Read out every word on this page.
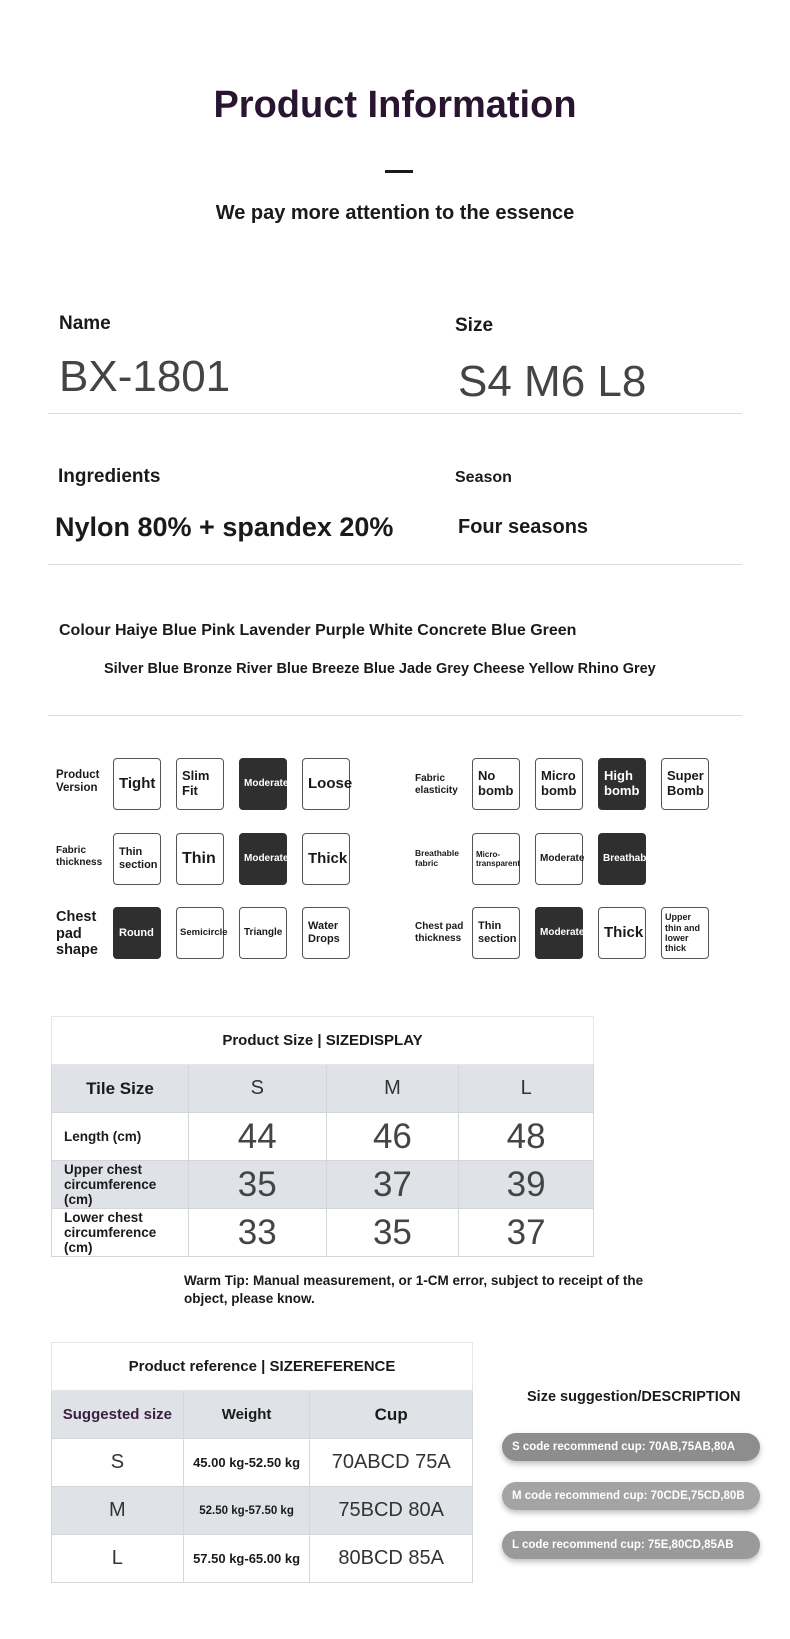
Product Information
We pay more attention to the essence
Name
BX-1801
Size
S4 M6 L8
Ingredients
Nylon 80% + spandex 20%
Season
Four seasons
Colour Haiye Blue Pink Lavender Purple White Concrete Blue Green
Silver Blue Bronze River Blue Breeze Blue Jade Grey Cheese Yellow Rhino Grey
Product Version	Tight	Slim Fit	Moderate	Loose
Fabric thickness
Thin section	Thin	Moderate	Thick
Chest pad shape
Round	Semicircle	Triangle
Water Drops
Fabric elasticity
No bomb
Micro bomb
High bomb
Super Bomb
Breathable fabric
Micro-transparent	Moderate	Breathable
Chest pad thickness
Thin section
Moderate	Thick
Upper thin and lower thick
Product Size | SIZEDISPLAY			
Tile Size	S	M	L
Length (cm)	44	46	48
Upper chest circumference (cm)	35	37	39
Lower chest circumference (cm)	33	35	37
Warm Tip: Manual measurement, or 1-CM error, subject to receipt of the object, please know.
Product reference | SIZEREFERENCE		
Suggested size	Weight	Cup
S	45.00 kg-52.50 kg	70ABCD 75A
M	52.50 kg-57.50 kg	75BCD 80A
L	57.50 kg-65.00 kg	80BCD 85A
Size suggestion/DESCRIPTION
S code recommend cup: 70AB,75AB,80A
M code recommend cup: 70CDE,75CD,80B
L code recommend cup: 75E,80CD,85AB
